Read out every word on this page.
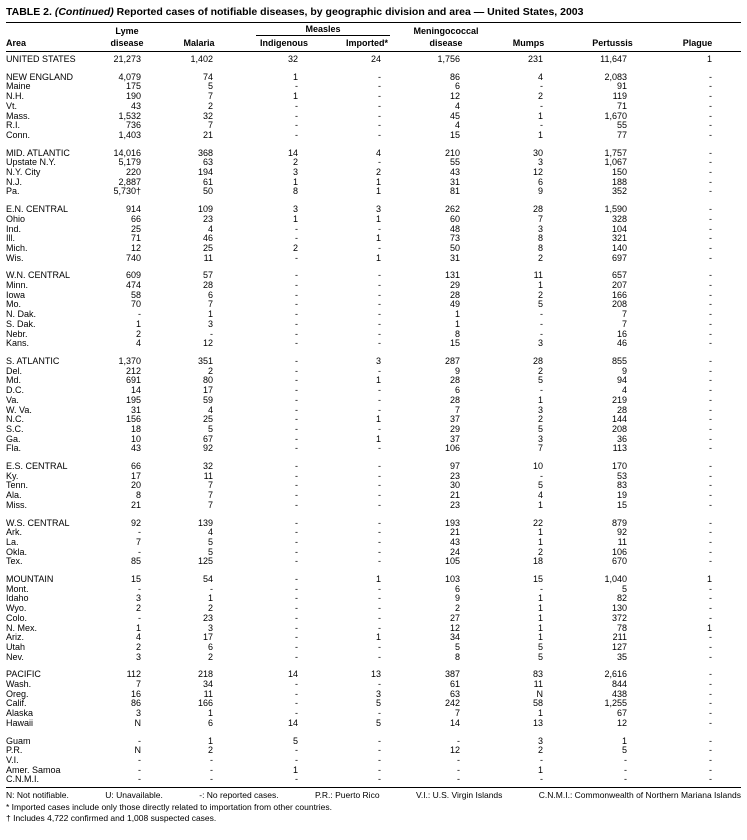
TABLE 2. (Continued) Reported cases of notifiable diseases, by geographic division and area — United States, 2003
	Lyme		Measles		Meningococcal			
Area	disease	Malaria	Indigenous	Imported*	disease	Mumps	Pertussis	Plague
UNITED STATES	21,273	1,402	32	24	1,756	231	11,647	1

NEW ENGLAND	4,079	74	1	-	86	4	2,083	-
Maine	175	5	-	-	6	-	91	-
N.H.	190	7	1	-	12	2	119	-
Vt.	43	2	-	-	4	-	71	-
Mass.	1,532	32	-	-	45	1	1,670	-
R.I.	736	7	-	-	4	-	55	-
Conn.	1,403	21	-	-	15	1	77	-

MID. ATLANTIC	14,016	368	14	4	210	30	1,757	-
Upstate N.Y.	5,179	63	2	-	55	3	1,067	-
N.Y. City	220	194	3	2	43	12	150	-
N.J.	2,887	61	1	1	31	6	188	-
Pa.	5,730†	50	8	1	81	9	352	-

E.N. CENTRAL	914	109	3	3	262	28	1,590	-
Ohio	66	23	1	1	60	7	328	-
Ind.	25	4	-	-	48	3	104	-
Ill.	71	46	-	1	73	8	321	-
Mich.	12	25	2	-	50	8	140	-
Wis.	740	11	-	1	31	2	697	-

W.N. CENTRAL	609	57	-	-	131	11	657	-
Minn.	474	28	-	-	29	1	207	-
Iowa	58	6	-	-	28	2	166	-
Mo.	70	7	-	-	49	5	208	-
N. Dak.	-	1	-	-	1	-	7	-
S. Dak.	1	3	-	-	1	-	7	-
Nebr.	2	-	-	-	8	-	16	-
Kans.	4	12	-	-	15	3	46	-

S. ATLANTIC	1,370	351	-	3	287	28	855	-
Del.	212	2	-	-	9	2	9	-
Md.	691	80	-	1	28	5	94	-
D.C.	14	17	-	-	6	-	4	-
Va.	195	59	-	-	28	1	219	-
W. Va.	31	4	-	-	7	3	28	-
N.C.	156	25	-	1	37	2	144	-
S.C.	18	5	-	-	29	5	208	-
Ga.	10	67	-	1	37	3	36	-
Fla.	43	92	-	-	106	7	113	-

E.S. CENTRAL	66	32	-	-	97	10	170	-
Ky.	17	11	-	-	23	-	53	-
Tenn.	20	7	-	-	30	5	83	-
Ala.	8	7	-	-	21	4	19	-
Miss.	21	7	-	-	23	1	15	-

W.S. CENTRAL	92	139	-	-	193	22	879	-
Ark.	-	4	-	-	21	1	92	-
La.	7	5	-	-	43	1	11	-
Okla.	-	5	-	-	24	2	106	-
Tex.	85	125	-	-	105	18	670	-

MOUNTAIN	15	54	-	1	103	15	1,040	1
Mont.	-	-	-	-	6	-	5	-
Idaho	3	1	-	-	9	1	82	-
Wyo.	2	2	-	-	2	1	130	-
Colo.	-	23	-	-	27	1	372	-
N. Mex.	1	3	-	-	12	1	78	1
Ariz.	4	17	-	1	34	1	211	-
Utah	2	6	-	-	5	5	127	-
Nev.	3	2	-	-	8	5	35	-

PACIFIC	112	218	14	13	387	83	2,616	-
Wash.	7	34	-	-	61	11	844	-
Oreg.	16	11	-	3	63	N	438	-
Calif.	86	166	-	5	242	58	1,255	-
Alaska	3	1	-	-	7	1	67	-
Hawaii	N	6	14	5	14	13	12	-

Guam	-	1	5	-	-	3	1	-
P.R.	N	2	-	-	12	2	5	-
V.I.	-	-	-	-	-	-	-	-
Amer. Samoa	-	-	1	-	-	1	-	-
C.N.M.I.	-	-	-	-	-	-	-	-
N: Not notifiable.	U: Unavailable.	-: No reported cases.	P.R.: Puerto Rico	V.I.: U.S. Virgin Islands	C.N.M.I.: Commonwealth of Northern Mariana Islands
* Imported cases include only those directly related to importation from other countries.
† Includes 4,722 confirmed and 1,008 suspected cases.
